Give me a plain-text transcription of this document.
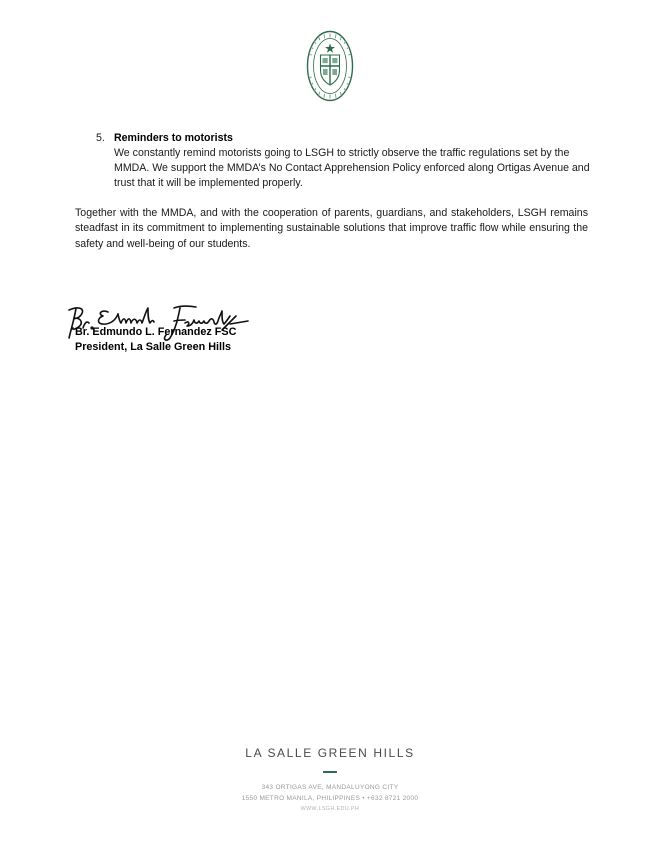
5. Reminders to motorists
We constantly remind motorists going to LSGH to strictly observe the traffic regulations set by the MMDA. We support the MMDA’s No Contact Apprehension Policy enforced along Ortigas Avenue and trust that it will be implemented properly.
Together with the MMDA, and with the cooperation of parents, guardians, and stakeholders, LSGH remains steadfast in its commitment to implementing sustainable solutions that improve traffic flow while ensuring the safety and well-being of our students.
Br. Edmundo L. Fernandez FSC
President, La Salle Green Hills
LA SALLE GREEN HILLS
343 ORTIGAS AVE, MANDALUYONG CITY
1550 METRO MANILA, PHILIPPINES • +632 8721 2000
WWW.LSGH.EDU.PH
